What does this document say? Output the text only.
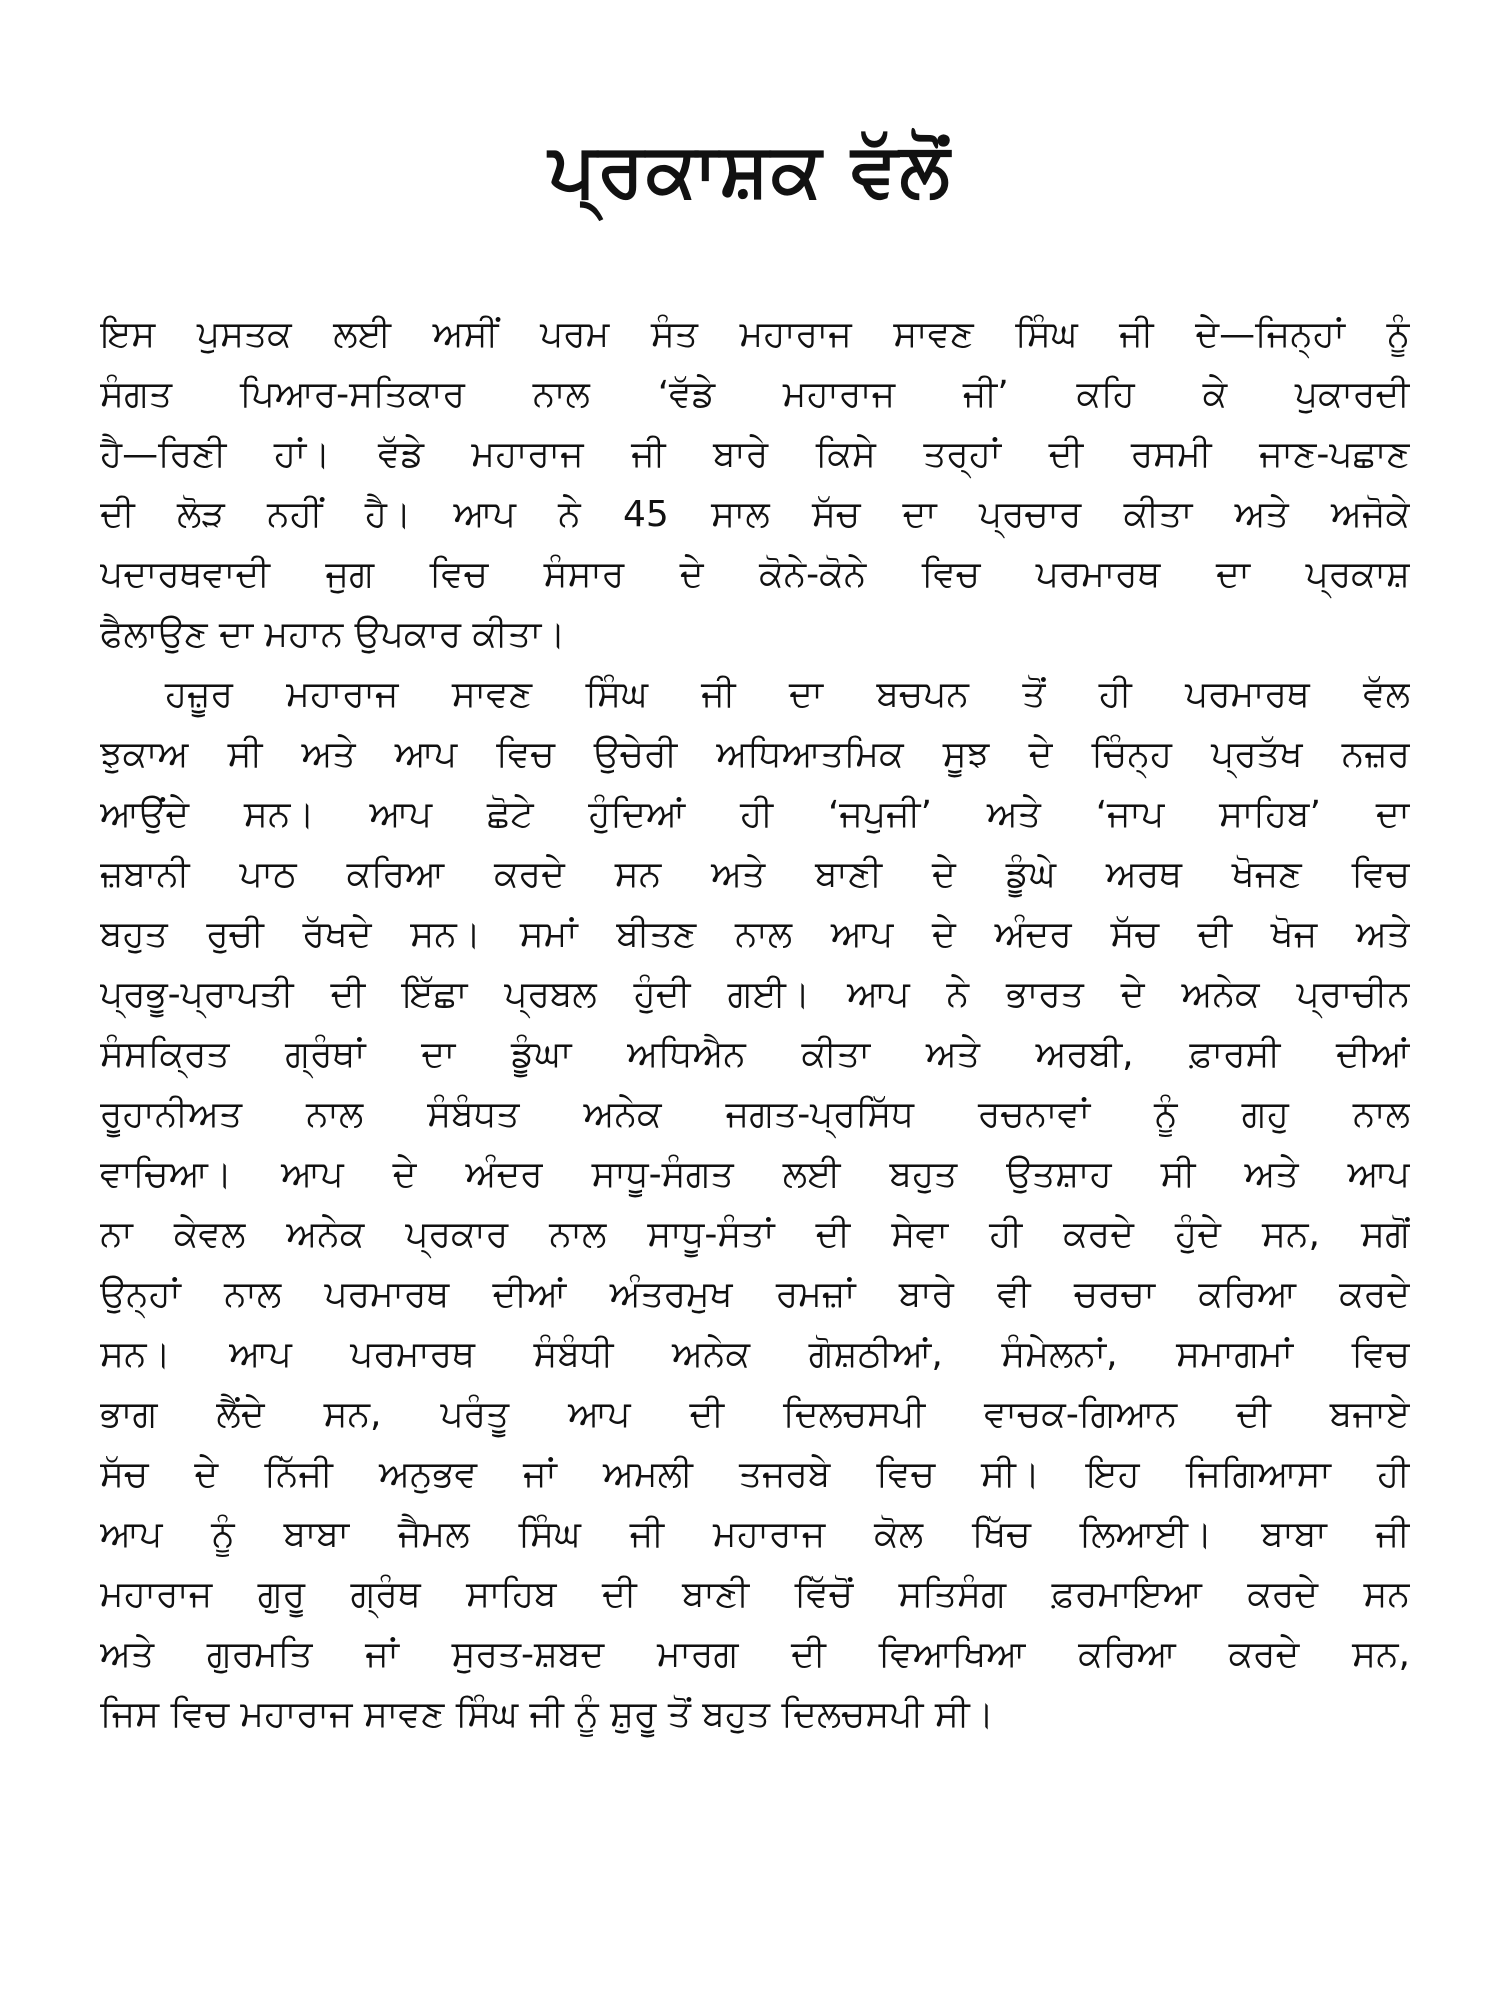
ਪ੍ਰਕਾਸ਼ਕ ਵੱਲੋਂ
ਇਸ ਪੁਸਤਕ ਲਈ ਅਸੀਂ ਪਰਮ ਸੰਤ ਮਹਾਰਾਜ ਸਾਵਣ ਸਿੰਘ ਜੀ ਦੇ—ਜਿਨ੍ਹਾਂ ਨੂੰ
ਸੰਗਤ ਪਿਆਰ-ਸਤਿਕਾਰ ਨਾਲ ‘ਵੱਡੇ ਮਹਾਰਾਜ ਜੀ’ ਕਹਿ ਕੇ ਪੁਕਾਰਦੀ
ਹੈ—ਰਿਣੀ ਹਾਂ। ਵੱਡੇ ਮਹਾਰਾਜ ਜੀ ਬਾਰੇ ਕਿਸੇ ਤਰ੍ਹਾਂ ਦੀ ਰਸਮੀ ਜਾਣ-ਪਛਾਣ
ਦੀ ਲੋੜ ਨਹੀਂ ਹੈ। ਆਪ ਨੇ 45 ਸਾਲ ਸੱਚ ਦਾ ਪ੍ਰਚਾਰ ਕੀਤਾ ਅਤੇ ਅਜੋਕੇ
ਪਦਾਰਥਵਾਦੀ ਜੁਗ ਵਿਚ ਸੰਸਾਰ ਦੇ ਕੋਨੇ-ਕੋਨੇ ਵਿਚ ਪਰਮਾਰਥ ਦਾ ਪ੍ਰਕਾਸ਼
ਫੈਲਾਉਣ ਦਾ ਮਹਾਨ ਉਪਕਾਰ ਕੀਤਾ।
ਹਜ਼ੂਰ ਮਹਾਰਾਜ ਸਾਵਣ ਸਿੰਘ ਜੀ ਦਾ ਬਚਪਨ ਤੋਂ ਹੀ ਪਰਮਾਰਥ ਵੱਲ
ਝੁਕਾਅ ਸੀ ਅਤੇ ਆਪ ਵਿਚ ਉਚੇਰੀ ਅਧਿਆਤਮਿਕ ਸੂਝ ਦੇ ਚਿੰਨ੍ਹ ਪ੍ਰਤੱਖ ਨਜ਼ਰ
ਆਉਂਦੇ ਸਨ। ਆਪ ਛੋਟੇ ਹੁੰਦਿਆਂ ਹੀ ‘ਜਪੁਜੀ’ ਅਤੇ ‘ਜਾਪ ਸਾਹਿਬ’ ਦਾ
ਜ਼ਬਾਨੀ ਪਾਠ ਕਰਿਆ ਕਰਦੇ ਸਨ ਅਤੇ ਬਾਣੀ ਦੇ ਡੂੰਘੇ ਅਰਥ ਖੋਜਣ ਵਿਚ
ਬਹੁਤ ਰੁਚੀ ਰੱਖਦੇ ਸਨ। ਸਮਾਂ ਬੀਤਣ ਨਾਲ ਆਪ ਦੇ ਅੰਦਰ ਸੱਚ ਦੀ ਖੋਜ ਅਤੇ
ਪ੍ਰਭੂ-ਪ੍ਰਾਪਤੀ ਦੀ ਇੱਛਾ ਪ੍ਰਬਲ ਹੁੰਦੀ ਗਈ। ਆਪ ਨੇ ਭਾਰਤ ਦੇ ਅਨੇਕ ਪ੍ਰਾਚੀਨ
ਸੰਸਕ੍ਰਿਤ ਗ੍ਰੰਥਾਂ ਦਾ ਡੂੰਘਾ ਅਧਿਐਨ ਕੀਤਾ ਅਤੇ ਅਰਬੀ, ਫ਼ਾਰਸੀ ਦੀਆਂ
ਰੂਹਾਨੀਅਤ ਨਾਲ ਸੰਬੰਧਤ ਅਨੇਕ ਜਗਤ-ਪ੍ਰਸਿੱਧ ਰਚਨਾਵਾਂ ਨੂੰ ਗਹੁ ਨਾਲ
ਵਾਚਿਆ। ਆਪ ਦੇ ਅੰਦਰ ਸਾਧੂ-ਸੰਗਤ ਲਈ ਬਹੁਤ ਉਤਸ਼ਾਹ ਸੀ ਅਤੇ ਆਪ
ਨਾ ਕੇਵਲ ਅਨੇਕ ਪ੍ਰਕਾਰ ਨਾਲ ਸਾਧੂ-ਸੰਤਾਂ ਦੀ ਸੇਵਾ ਹੀ ਕਰਦੇ ਹੁੰਦੇ ਸਨ, ਸਗੋਂ
ਉਨ੍ਹਾਂ ਨਾਲ ਪਰਮਾਰਥ ਦੀਆਂ ਅੰਤਰਮੁਖ ਰਮਜ਼ਾਂ ਬਾਰੇ ਵੀ ਚਰਚਾ ਕਰਿਆ ਕਰਦੇ
ਸਨ। ਆਪ ਪਰਮਾਰਥ ਸੰਬੰਧੀ ਅਨੇਕ ਗੋਸ਼ਠੀਆਂ, ਸੰਮੇਲਨਾਂ, ਸਮਾਗਮਾਂ ਵਿਚ
ਭਾਗ ਲੈਂਦੇ ਸਨ, ਪਰੰਤੂ ਆਪ ਦੀ ਦਿਲਚਸਪੀ ਵਾਚਕ-ਗਿਆਨ ਦੀ ਬਜਾਏ
ਸੱਚ ਦੇ ਨਿੱਜੀ ਅਨੁਭਵ ਜਾਂ ਅਮਲੀ ਤਜਰਬੇ ਵਿਚ ਸੀ। ਇਹ ਜਿਗਿਆਸਾ ਹੀ
ਆਪ ਨੂੰ ਬਾਬਾ ਜੈਮਲ ਸਿੰਘ ਜੀ ਮਹਾਰਾਜ ਕੋਲ ਖਿੱਚ ਲਿਆਈ। ਬਾਬਾ ਜੀ
ਮਹਾਰਾਜ ਗੁਰੂ ਗ੍ਰੰਥ ਸਾਹਿਬ ਦੀ ਬਾਣੀ ਵਿੱਚੋਂ ਸਤਿਸੰਗ ਫ਼ਰਮਾਇਆ ਕਰਦੇ ਸਨ
ਅਤੇ ਗੁਰਮਤਿ ਜਾਂ ਸੁਰਤ-ਸ਼ਬਦ ਮਾਰਗ ਦੀ ਵਿਆਖਿਆ ਕਰਿਆ ਕਰਦੇ ਸਨ,
ਜਿਸ ਵਿਚ ਮਹਾਰਾਜ ਸਾਵਣ ਸਿੰਘ ਜੀ ਨੂੰ ਸ਼ੁਰੂ ਤੋਂ ਬਹੁਤ ਦਿਲਚਸਪੀ ਸੀ।
